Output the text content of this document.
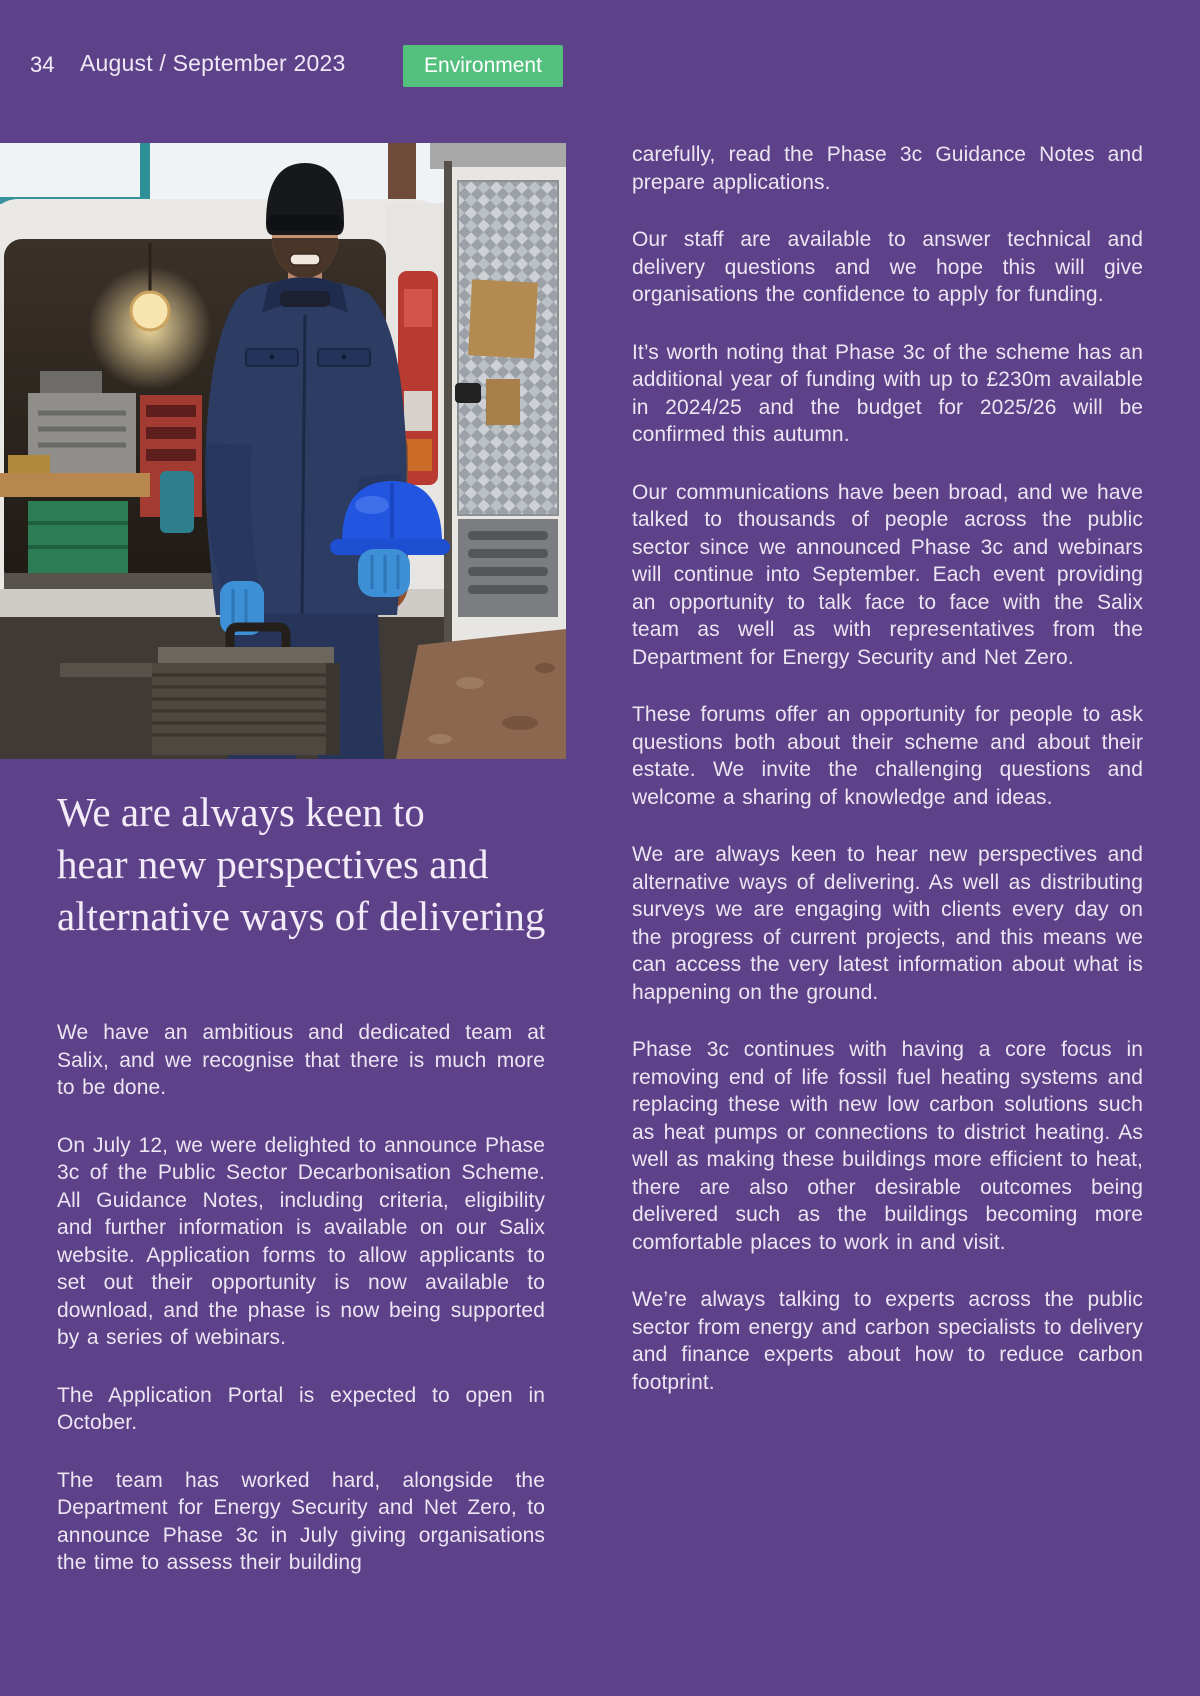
34 August / September 2023	Environment
We are always keen to
hear new perspectives and
alternative ways of delivering

We have an ambitious and dedicated team at Salix, and we recognise that there is much more to be done.

On July 12, we were delighted to announce Phase 3c of the Public Sector Decarbonisation Scheme. All Guidance Notes, including criteria, eligibility and further information is available on our Salix website. Application forms to allow applicants to set out their opportunity is now available to download, and the phase is now being supported by a series of webinars.

The Application Portal is expected to open in October.

The team has worked hard, alongside the Department for Energy Security and Net Zero, to announce Phase 3c in July giving organisations the time to assess their building

carefully, read the Phase 3c Guidance Notes and prepare applications.

Our staff are available to answer technical and delivery questions and we hope this will give organisations the confidence to apply for funding.

It’s worth noting that Phase 3c of the scheme has an additional year of funding with up to £230m available in 2024/25 and the budget for 2025/26 will be confirmed this autumn.

Our communications have been broad, and we have talked to thousands of people across the public sector since we announced Phase 3c and webinars will continue into September. Each event providing an opportunity to talk face to face with the Salix team as well as with representatives from the Department for Energy Security and Net Zero.

These forums offer an opportunity for people to ask questions both about their scheme and about their estate. We invite the challenging questions and welcome a sharing of knowledge and ideas.

We are always keen to hear new perspectives and alternative ways of delivering. As well as distributing surveys we are engaging with clients every day on the progress of current projects, and this means we can access the very latest information about what is happening on the ground.

Phase 3c continues with having a core focus in removing end of life fossil fuel heating systems and replacing these with new low carbon solutions such as heat pumps or connections to district heating. As well as making these buildings more efficient to heat, there are also other desirable outcomes being delivered such as the buildings becoming more comfortable places to work in and visit.

We’re always talking to experts across the public sector from energy and carbon specialists to delivery and finance experts about how to reduce carbon footprint.
